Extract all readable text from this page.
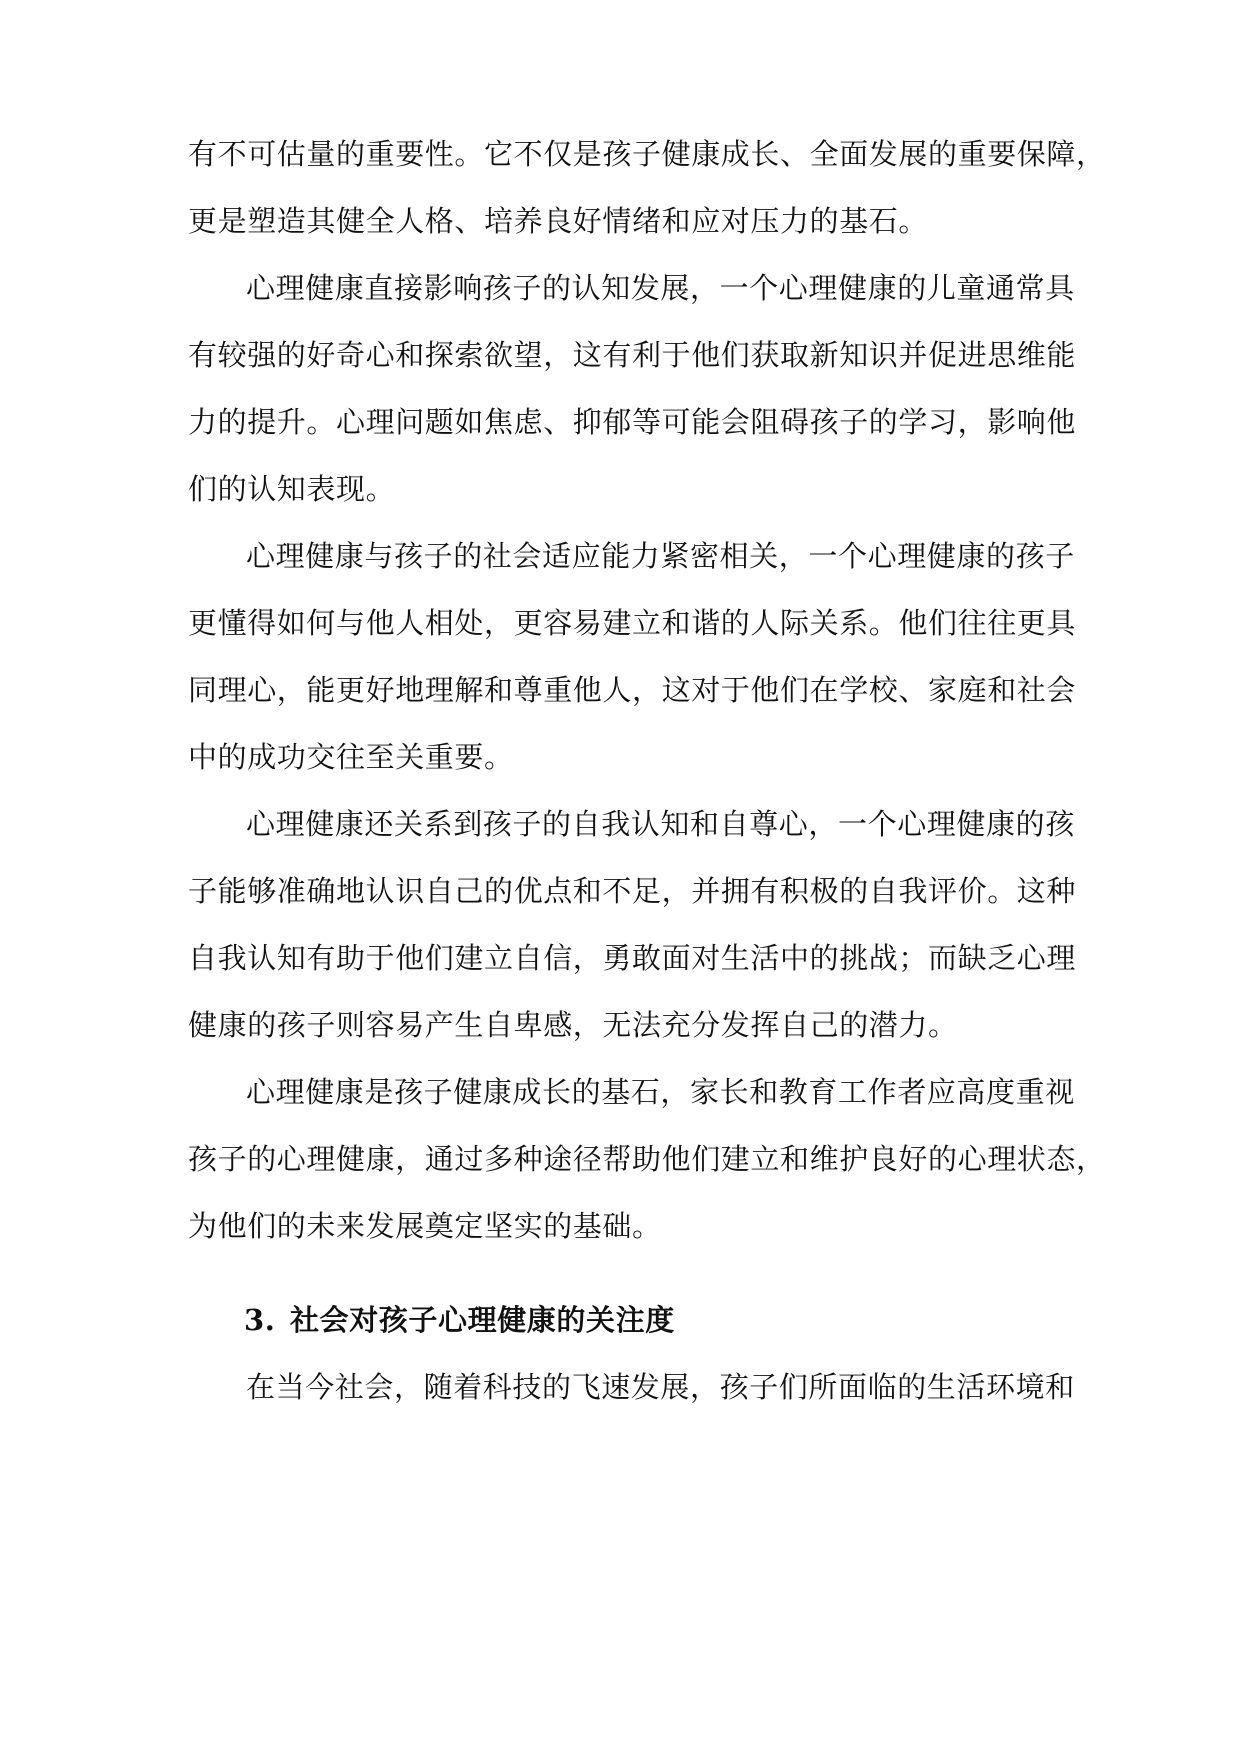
有不可估量的重要性。它不仅是孩子健康成长、全面发展的重要保障，
更是塑造其健全人格、培养良好情绪和应对压力的基石。
心理健康直接影响孩子的认知发展，一个心理健康的儿童通常具
有较强的好奇心和探索欲望，这有利于他们获取新知识并促进思维能
力的提升。心理问题如焦虑、抑郁等可能会阻碍孩子的学习，影响他
们的认知表现。
心理健康与孩子的社会适应能力紧密相关，一个心理健康的孩子
更懂得如何与他人相处，更容易建立和谐的人际关系。他们往往更具
同理心，能更好地理解和尊重他人，这对于他们在学校、家庭和社会
中的成功交往至关重要。
心理健康还关系到孩子的自我认知和自尊心，一个心理健康的孩
子能够准确地认识自己的优点和不足，并拥有积极的自我评价。这种
自我认知有助于他们建立自信，勇敢面对生活中的挑战；而缺乏心理
健康的孩子则容易产生自卑感，无法充分发挥自己的潜力。
心理健康是孩子健康成长的基石，家长和教育工作者应高度重视
孩子的心理健康，通过多种途径帮助他们建立和维护良好的心理状态，
为他们的未来发展奠定坚实的基础。
3. 社会对孩子心理健康的关注度
在当今社会，随着科技的飞速发展，孩子们所面临的生活环境和
